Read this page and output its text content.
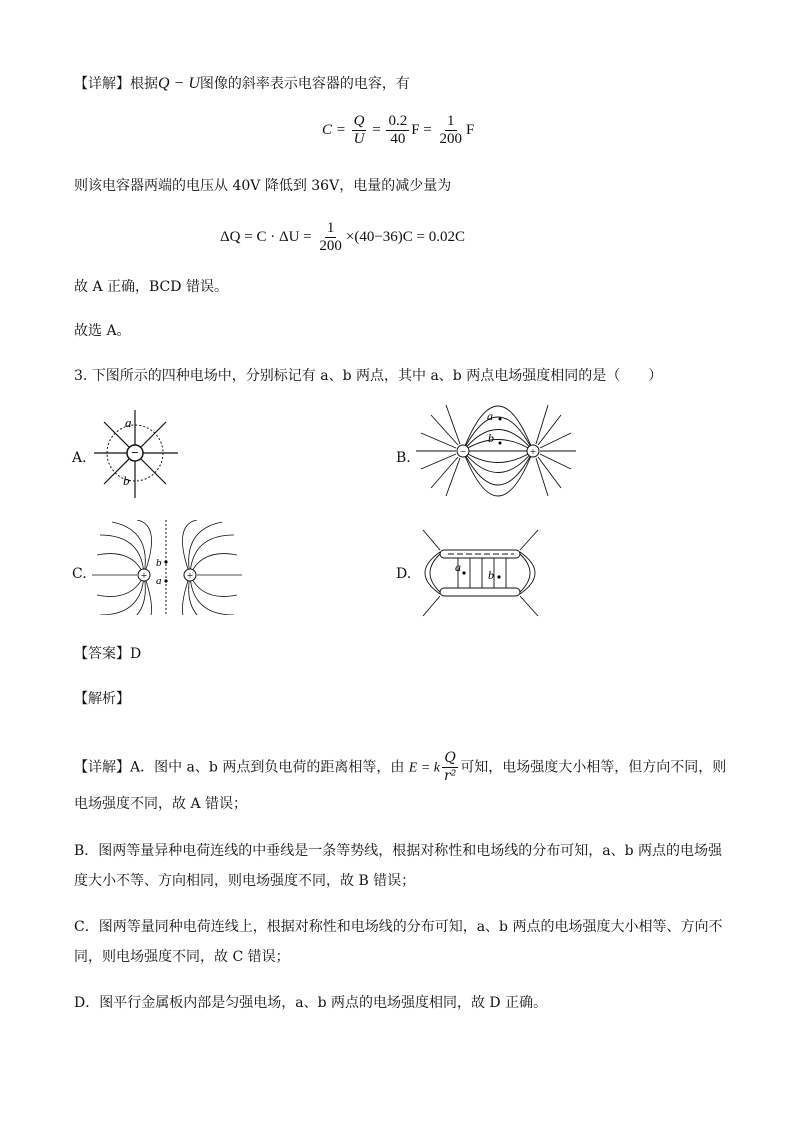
【详解】根据Q − U图像的斜率表示电容器的电容，有
$C = \frac{Q}{U} = \frac{0.2}{40}$ $F = \frac{1}{200}$ F
则该电容器两端的电压从 40V 降低到 36V，电量的减少量为
$\Delta Q = C \cdot \Delta U = \frac{1}{200} \times(40-36)C = 0.02C$
故 A 正确，BCD 错误。
故选 A。
3. 下图所示的四种电场中，分别标记有 a、b 两点，其中 a、b 两点电场强度相同的是（　　）
A.	−
a
b
B.	−	+
a
b
C.	+	+
b
a	D.	a
b
【答案】D
【解析】
【详解】A．图中 a、b 两点到负电荷的距离相等，由 E = k $\frac{Q}{\text{r²}}$ 可知，电场强度大小相等，但方向不同，则
电场强度不同，故 A 错误；
B．图两等量异种电荷连线的中垂线是一条等势线，根据对称性和电场线的分布可知，a、b 两点的电场强
度大小不等、方向相同，则电场强度不同，故 B 错误；
C．图两等量同种电荷连线上，根据对称性和电场线的分布可知，a、b 两点的电场强度大小相等、方向不
同，则电场强度不同，故 C 错误；
D．图平行金属板内部是匀强电场，a、b 两点的电场强度相同，故 D 正确。
